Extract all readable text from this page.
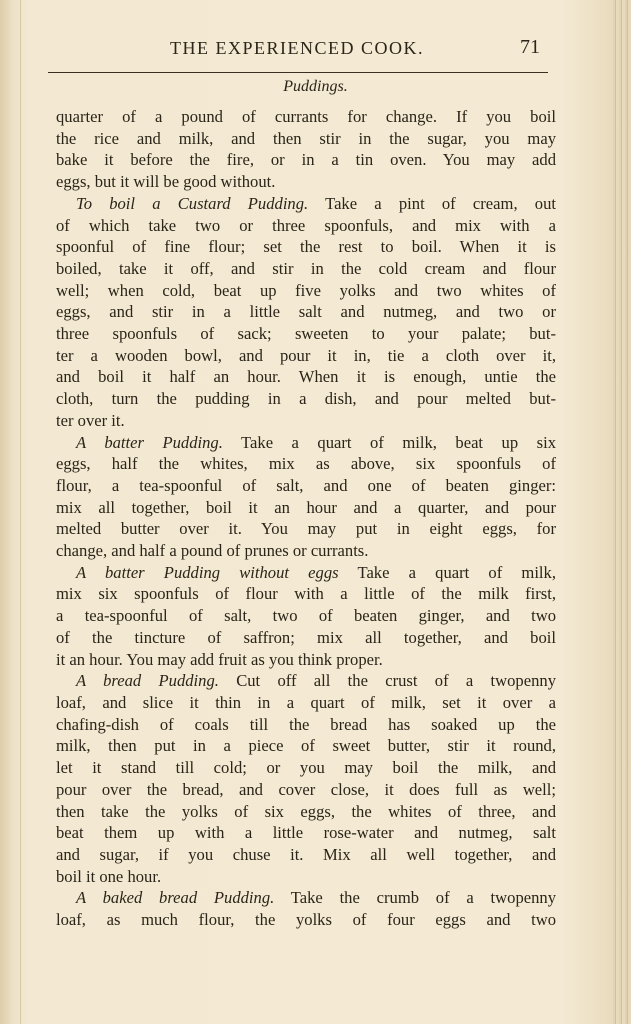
THE EXPERIENCED COOK.	71
Puddings.
quarter of a pound of currants for change. If you boil
the rice and milk, and then stir in the sugar, you may
bake it before the fire, or in a tin oven. You may add
eggs, but it will be good without.
To boil a Custard Pudding. Take a pint of cream, out
of which take two or three spoonfuls, and mix with a
spoonful of fine flour; set the rest to boil. When it is
boiled, take it off, and stir in the cold cream and flour
well; when cold, beat up five yolks and two whites of
eggs, and stir in a little salt and nutmeg, and two or
three spoonfuls of sack; sweeten to your palate; but-
ter a wooden bowl, and pour it in, tie a cloth over it,
and boil it half an hour. When it is enough, untie the
cloth, turn the pudding in a dish, and pour melted but-
ter over it.
A batter Pudding. Take a quart of milk, beat up six
eggs, half the whites, mix as above, six spoonfuls of
flour, a tea-spoonful of salt, and one of beaten ginger:
mix all together, boil it an hour and a quarter, and pour
melted butter over it. You may put in eight eggs, for
change, and half a pound of prunes or currants.
A batter Pudding without eggs Take a quart of milk,
mix six spoonfuls of flour with a little of the milk first,
a tea-spoonful of salt, two of beaten ginger, and two
of the tincture of saffron; mix all together, and boil
it an hour. You may add fruit as you think proper.
A bread Pudding. Cut off all the crust of a twopenny
loaf, and slice it thin in a quart of milk, set it over a
chafing-dish of coals till the bread has soaked up the
milk, then put in a piece of sweet butter, stir it round,
let it stand till cold; or you may boil the milk, and
pour over the bread, and cover close, it does full as well;
then take the yolks of six eggs, the whites of three, and
beat them up with a little rose-water and nutmeg, salt
and sugar, if you chuse it. Mix all well together, and
boil it one hour.
A baked bread Pudding. Take the crumb of a twopenny
loaf, as much flour, the yolks of four eggs and two
